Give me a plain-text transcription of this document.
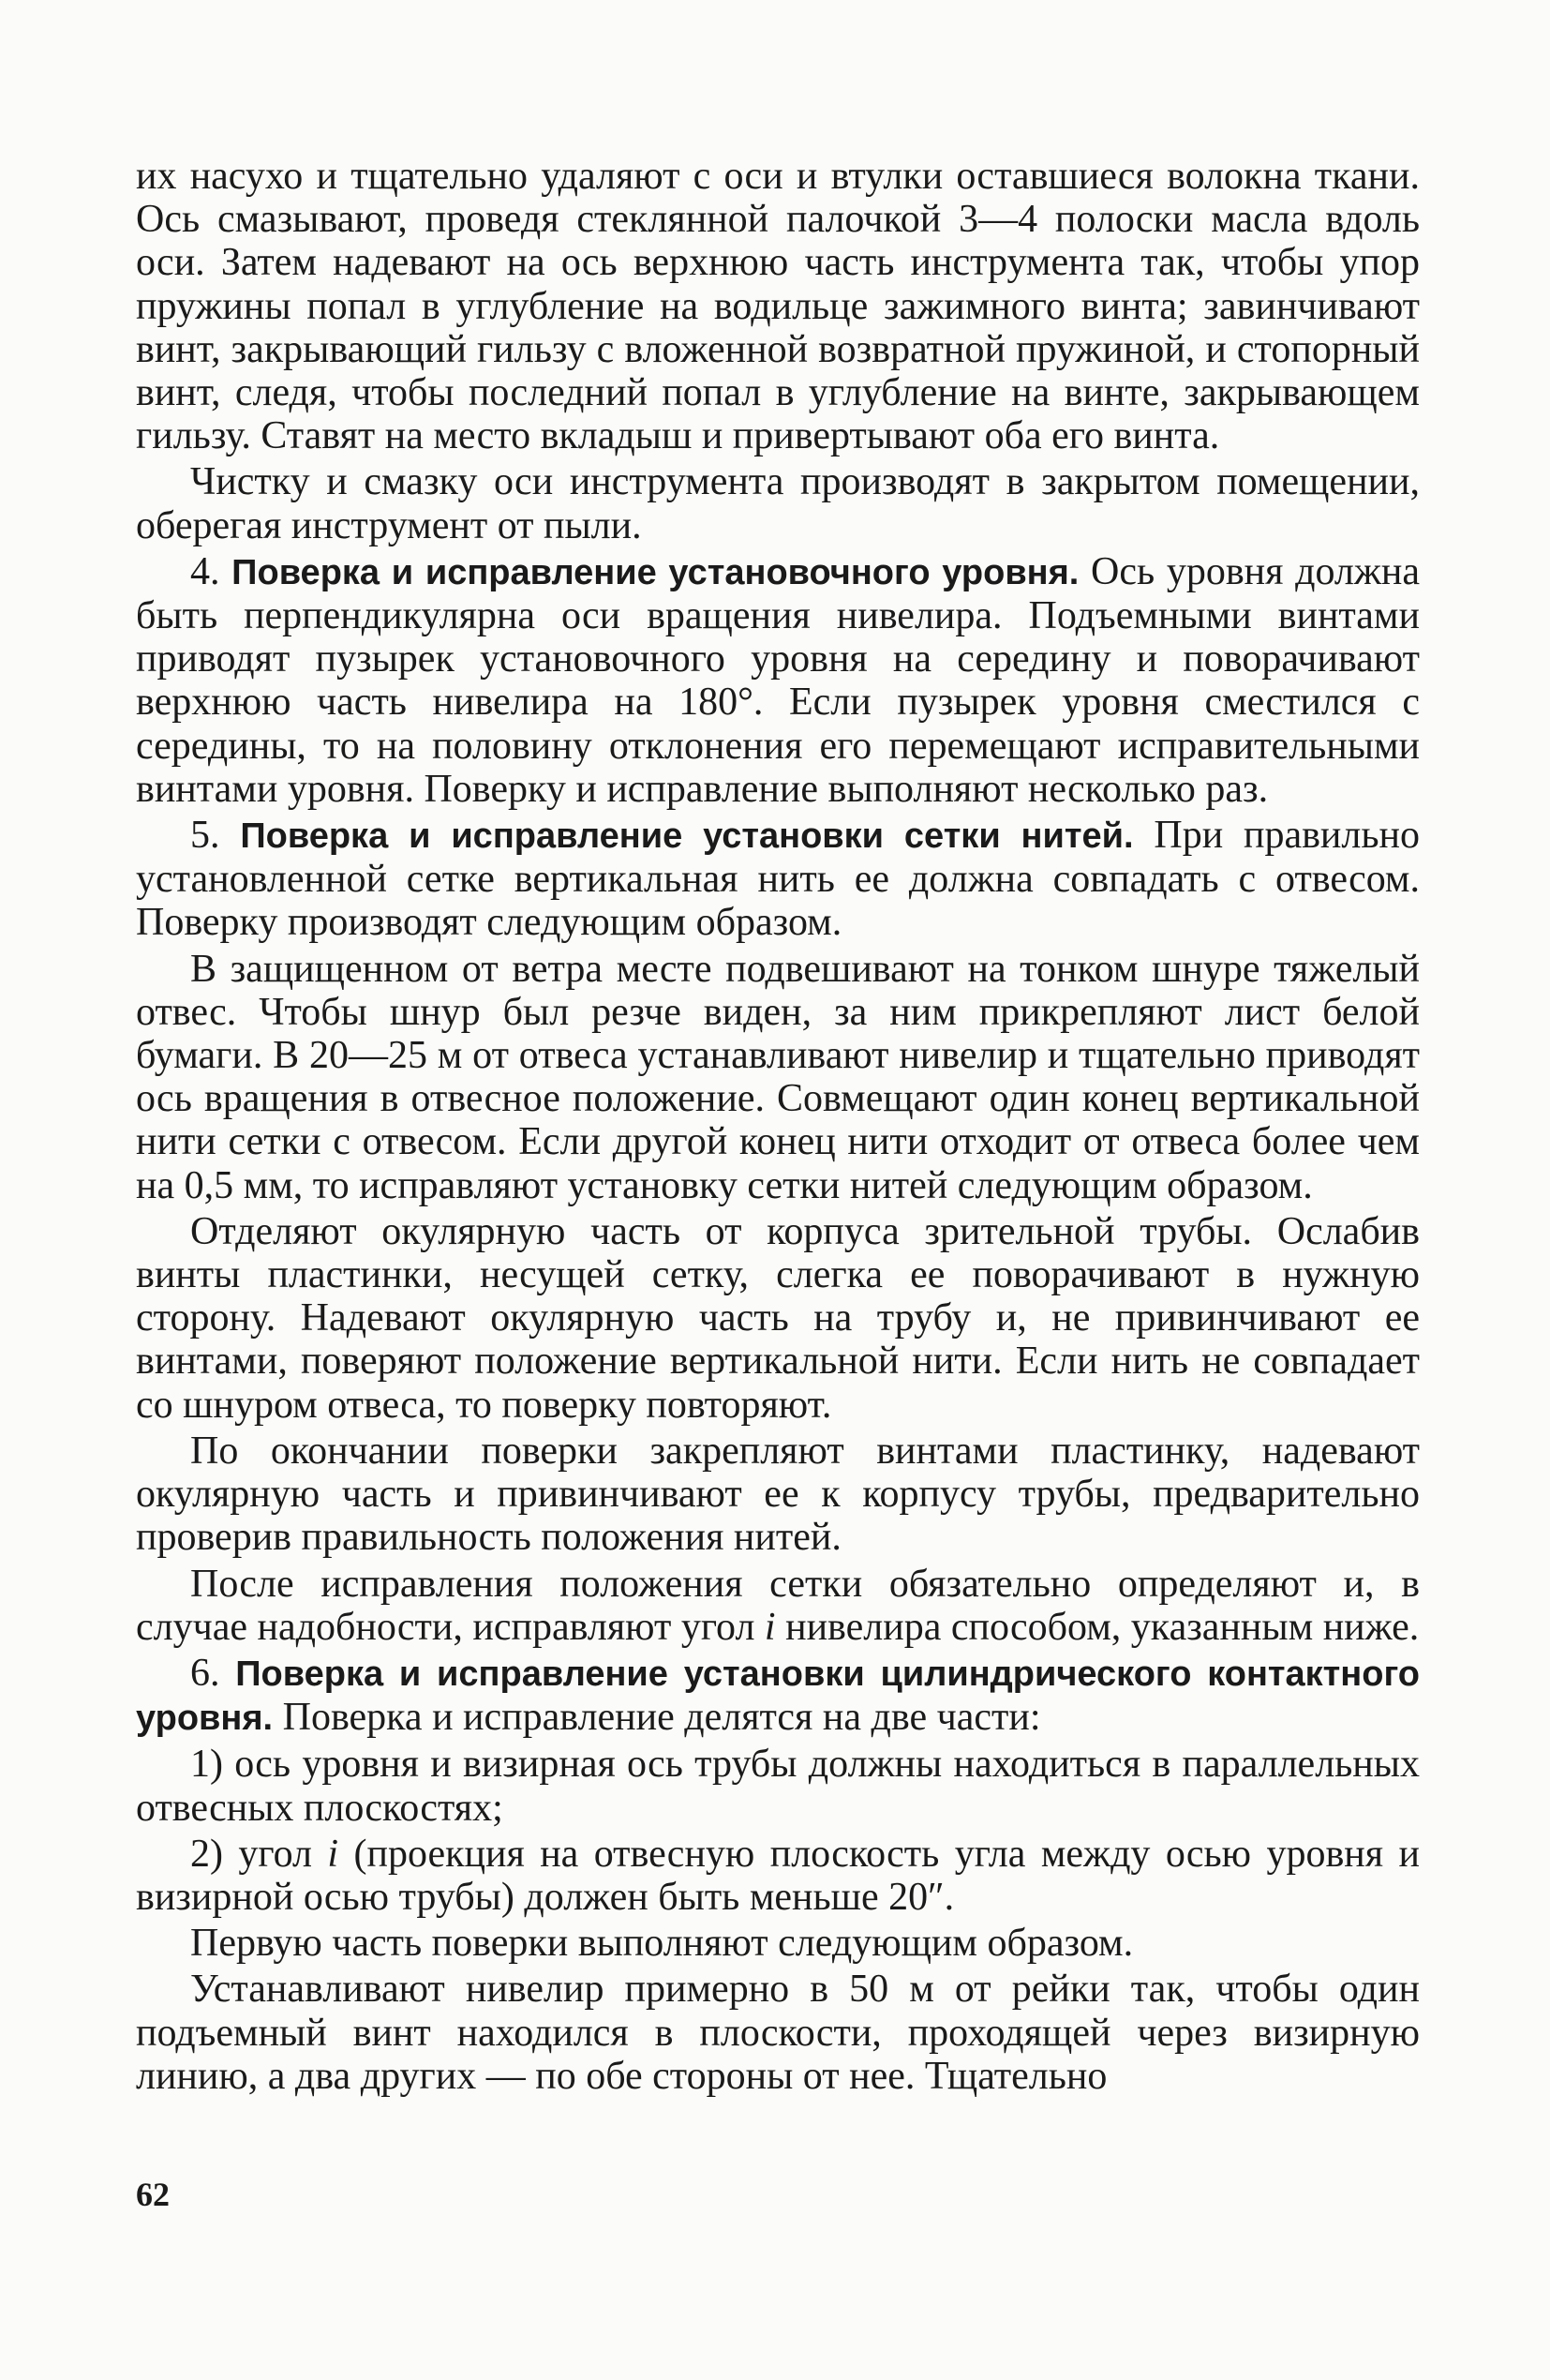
их насухо и тщательно удаляют с оси и втулки оставшиеся волокна ткани. Ось смазывают, проведя стеклянной палочкой 3—4 полоски масла вдоль оси. Затем надевают на ось верхнюю часть инструмента так, чтобы упор пружины попал в углубление на водильце зажимного винта; завинчивают винт, закрывающий гильзу с вложенной возвратной пружиной, и стопорный винт, следя, чтобы последний попал в углубление на винте, закрывающем гильзу. Ставят на место вкладыш и привертывают оба его винта.

Чистку и смазку оси инструмента производят в закрытом помещении, оберегая инструмент от пыли.

4. Поверка и исправление установочного уровня. Ось уровня должна быть перпендикулярна оси вращения нивелира. Подъемными винтами приводят пузырек установочного уровня на середину и поворачивают верхнюю часть нивелира на 180°. Если пузырек уровня сместился с середины, то на половину отклонения его перемещают исправительными винтами уровня. Поверку и исправление выполняют несколько раз.

5. Поверка и исправление установки сетки нитей. При правильно установленной сетке вертикальная нить ее должна совпадать с отвесом. Поверку производят следующим образом.

В защищенном от ветра месте подвешивают на тонком шнуре тяжелый отвес. Чтобы шнур был резче виден, за ним прикрепляют лист белой бумаги. В 20—25 м от отвеса устанавливают нивелир и тщательно приводят ось вращения в отвесное положение. Совмещают один конец вертикальной нити сетки с отвесом. Если другой конец нити отходит от отвеса более чем на 0,5 мм, то исправляют установку сетки нитей следующим образом.

Отделяют окулярную часть от корпуса зрительной трубы. Ослабив винты пластинки, несущей сетку, слегка ее поворачивают в нужную сторону. Надевают окулярную часть на трубу и, не привинчивают ее винтами, поверяют положение вертикальной нити. Если нить не совпадает со шнуром отвеса, то поверку повторяют.

По окончании поверки закрепляют винтами пластинку, надевают окулярную часть и привинчивают ее к корпусу трубы, предварительно проверив правильность положения нитей.

После исправления положения сетки обязательно определяют и, в случае надобности, исправляют угол i нивелира способом, указанным ниже.

6. Поверка и исправление установки цилиндрического контактного уровня. Поверка и исправление делятся на две части:

1) ось уровня и визирная ось трубы должны находиться в параллельных отвесных плоскостях;

2) угол i (проекция на отвесную плоскость угла между осью уровня и визирной осью трубы) должен быть меньше 20″.

Первую часть поверки выполняют следующим образом.

Устанавливают нивелир примерно в 50 м от рейки так, чтобы один подъемный винт находился в плоскости, проходящей через визирную линию, а два других — по обе стороны от нее. Тщательно

62
